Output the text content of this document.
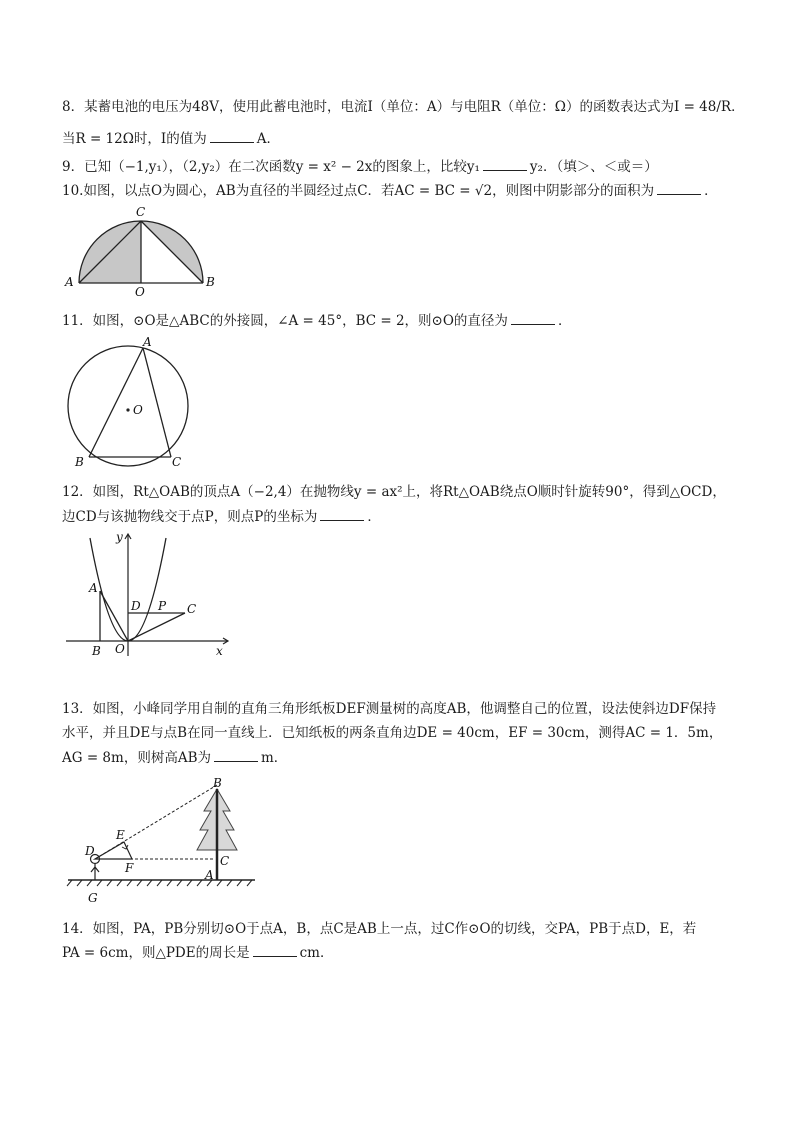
8．某蓄电池的电压为48V，使用此蓄电池时，电流I（单位：A）与电阻R（单位：Ω）的函数表达式为I = 48/R．
当R = 12Ω时，I的值为	A．
9．已知（−1,y₁），（2,y₂）在二次函数y = x² − 2x的图象上，比较y₁	y₂．（填＞、＜或＝）
10.如图，以点O为圆心，AB为直径的半圆经过点C．若AC = BC = √2，则图中阴影部分的面积为	．
C
A
O
B
11．如图，⊙O是△ABC的外接圆，∠A = 45°，BC = 2，则⊙O的直径为	．
A
O
B	C
12．如图，Rt△OAB的顶点A（−2,4）在抛物线y = ax²上，将Rt△OAB绕点O顺时针旋转90°，得到△OCD，
边CD与该抛物线交于点P，则点P的坐标为	．
y
x
A
B O
D P C
13．如图，小峰同学用自制的直角三角形纸板DEF测量树的高度AB，他调整自己的位置，设法使斜边DF保持
水平，并且DE与点B在同一直线上．已知纸板的两条直角边DE = 40cm，EF = 30cm，测得AC = 1．5m，
AG = 8m，则树高AB为	m．
B
E
D
F	C
A
G
14．如图，PA，PB分别切⊙O于点A，B，点C是AB上一点，过C作⊙O的切线，交PA，PB于点D，E，若
PA = 6cm，则△PDE的周长是	cm．
